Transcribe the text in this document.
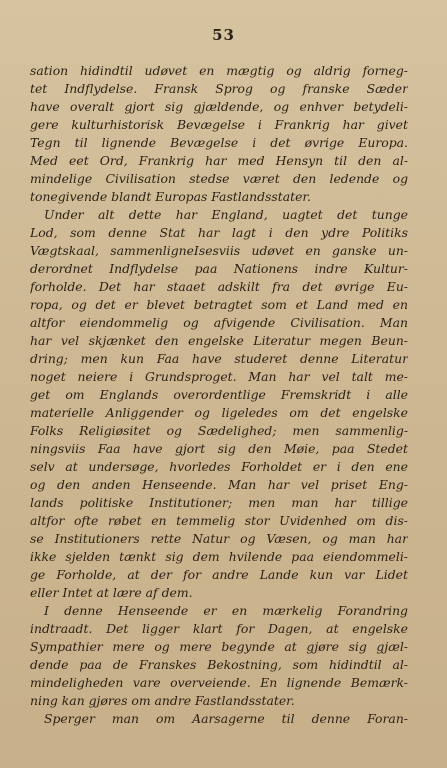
53
sation hidindtil udøvet en mægtig og aldrig forneg-
tet Indflydelse. Fransk Sprog og franske Sæder
have overalt gjort sig gjældende, og enhver betydeli-
gere kulturhistorisk Bevægelse i Frankrig har givet
Tegn til lignende Bevægelse i det øvrige Europa.
Med eet Ord, Frankrig har med Hensyn til den al-
mindelige Civilisation stedse været den ledende og
tonegivende blandt Europas Fastlandsstater.
Under alt dette har England, uagtet det tunge
Lod, som denne Stat har lagt i den ydre Politiks
Vægtskaal, sammenligneIsesviis udøvet en ganske un-
derordnet Indflydelse paa Nationens indre Kultur-
forholde. Det har staaet adskilt fra det øvrige Eu-
ropa, og det er blevet betragtet som et Land med en
altfor eiendommelig og afvigende Civilisation. Man
har vel skjænket den engelske Literatur megen Beun-
dring; men kun Faa have studeret denne Literatur
noget neiere i Grundsproget. Man har vel talt me-
get om Englands overordentlige Fremskridt i alle
materielle Anliggender og ligeledes om det engelske
Folks Religiøsitet og Sædelighed; men sammenlig-
ningsviis Faa have gjort sig den Møie, paa Stedet
selv at undersøge, hvorledes Forholdet er i den ene
og den anden Henseende. Man har vel priset Eng-
lands politiske Institutioner; men man har tillige
altfor ofte røbet en temmelig stor Uvidenhed om dis-
se Institutioners rette Natur og Væsen, og man har
ikke sjelden tænkt sig dem hvilende paa eiendommeli-
ge Forholde, at der for andre Lande kun var Lidet
eller Intet at lære af dem.
I denne Henseende er en mærkelig Forandring
indtraadt. Det ligger klart for Dagen, at engelske
Sympathier mere og mere begynde at gjøre sig gjæl-
dende paa de Franskes Bekostning, som hidindtil al-
mindeligheden vare overveiende. En lignende Bemærk-
ning kan gjøres om andre Fastlandsstater.
Sperger man om Aarsagerne til denne Foran-
